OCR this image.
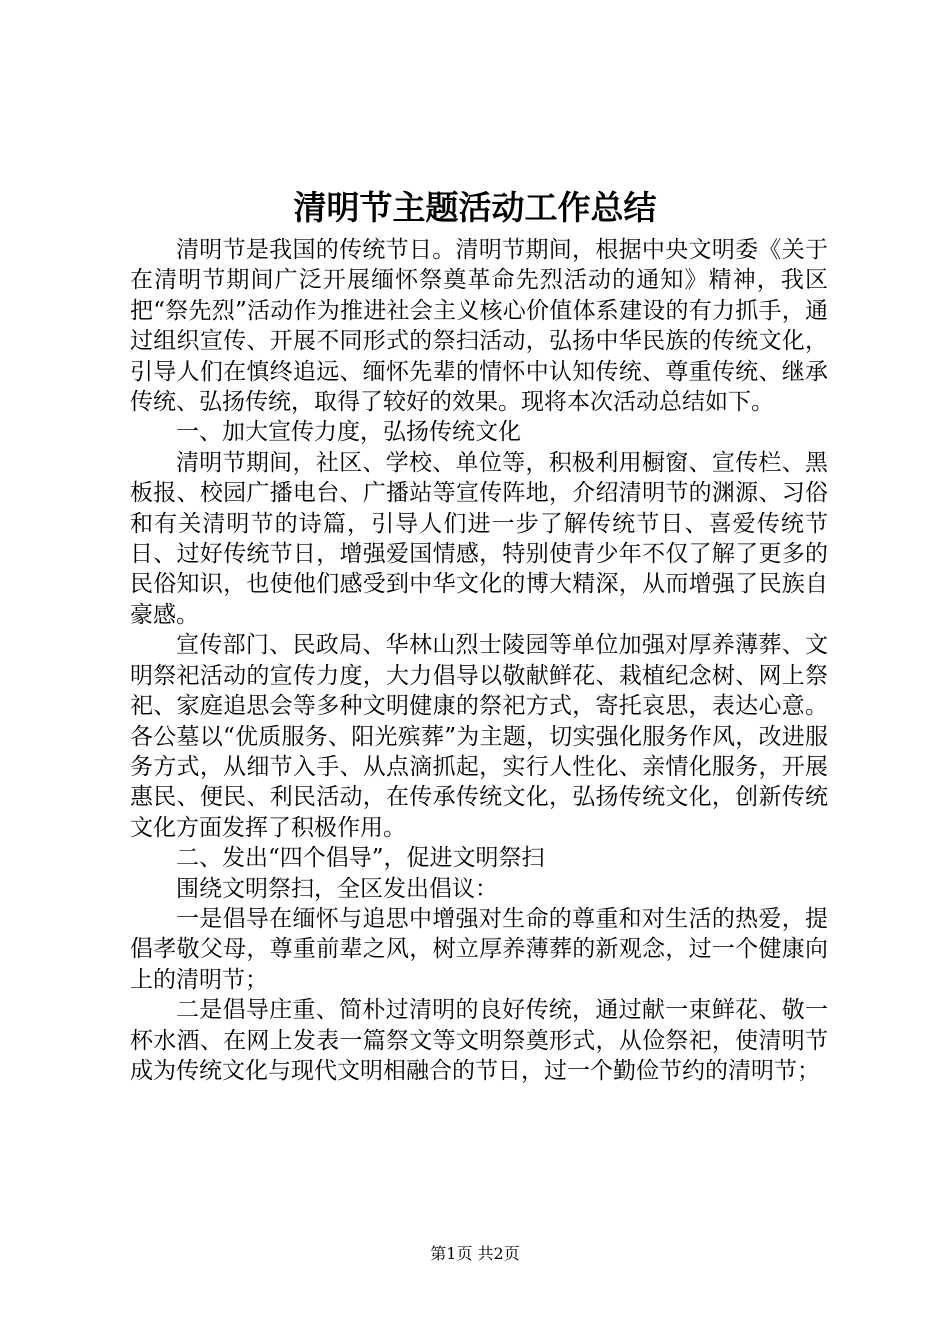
清明节主题活动工作总结

清明节是我国的传统节日。清明节期间，根据中央文明委《关于在清明节期间广泛开展缅怀祭奠革命先烈活动的通知》精神，我区把“祭先烈”活动作为推进社会主义核心价值体系建设的有力抓手，通过组织宣传、开展不同形式的祭扫活动，弘扬中华民族的传统文化，引导人们在慎终追远、缅怀先辈的情怀中认知传统、尊重传统、继承传统、弘扬传统，取得了较好的效果。现将本次活动总结如下。

一、加大宣传力度，弘扬传统文化

清明节期间，社区、学校、单位等，积极利用橱窗、宣传栏、黑板报、校园广播电台、广播站等宣传阵地，介绍清明节的渊源、习俗和有关清明节的诗篇，引导人们进一步了解传统节日、喜爱传统节日、过好传统节日，增强爱国情感，特别使青少年不仅了解了更多的民俗知识，也使他们感受到中华文化的博大精深，从而增强了民族自豪感。

宣传部门、民政局、华林山烈士陵园等单位加强对厚养薄葬、文明祭祀活动的宣传力度，大力倡导以敬献鲜花、栽植纪念树、网上祭祀、家庭追思会等多种文明健康的祭祀方式，寄托哀思，表达心意。各公墓以“优质服务、阳光殡葬”为主题，切实强化服务作风，改进服务方式，从细节入手、从点滴抓起，实行人性化、亲情化服务，开展惠民、便民、利民活动，在传承传统文化，弘扬传统文化，创新传统文化方面发挥了积极作用。

二、发出“四个倡导”，促进文明祭扫

围绕文明祭扫，全区发出倡议：

一是倡导在缅怀与追思中增强对生命的尊重和对生活的热爱，提倡孝敬父母，尊重前辈之风，树立厚养薄葬的新观念，过一个健康向上的清明节；

二是倡导庄重、简朴过清明的良好传统，通过献一束鲜花、敬一杯水酒、在网上发表一篇祭文等文明祭奠形式，从俭祭祀，使清明节成为传统文化与现代文明相融合的节日，过一个勤俭节约的清明节；

第1页 共2页
